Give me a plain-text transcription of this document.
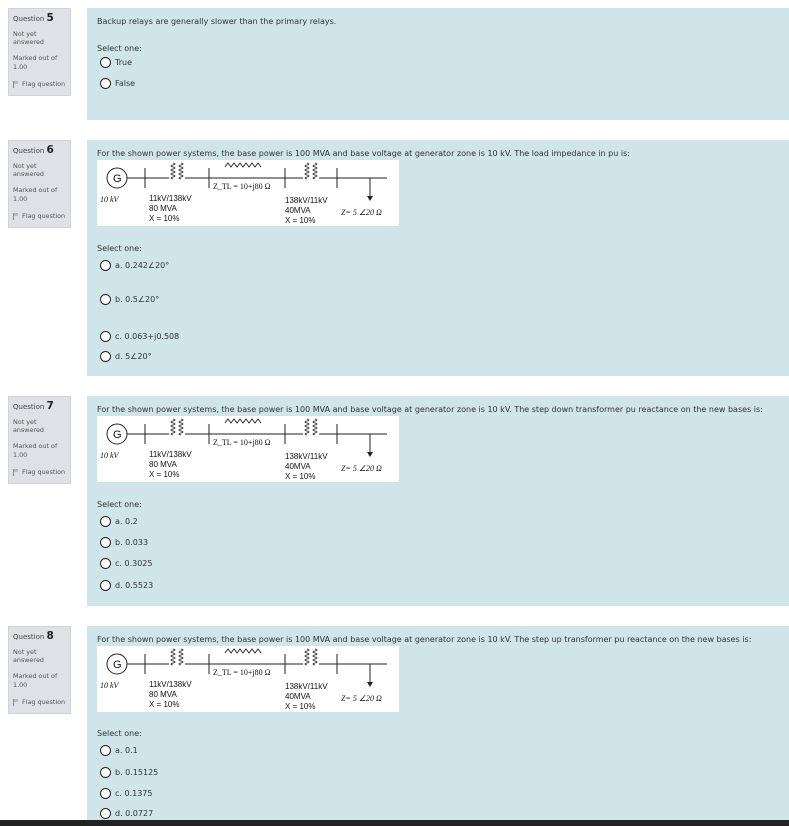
Question 5
Not yet answered
Marked out of 1.00
Flag question
Backup relays are generally slower than the primary relays.
Select one:
True
False
Question 6
Not yet answered
Marked out of 1.00
Flag question
For the shown power systems, the base power is 100 MVA and base voltage at generator zone is 10 kV. The load impedance in pu is:
G
Z_TL = 10+j80 Ω
10 kV	11kV/138kV
80 MVA
X = 10%
138kV/11kV
40MVA
X = 10%
Z= 5 ∠20 Ω
Select one:
a. 0.242∠20°
b. 0.5∠20°
c. 0.063+j0.508
d. 5∠20°
Question 7
Not yet answered
Marked out of 1.00
Flag question
For the shown power systems, the base power is 100 MVA and base voltage at generator zone is 10 kV. The step down transformer pu reactance on the new bases is:
G
Z_TL = 10+j80 Ω
10 kV	11kV/138kV
80 MVA
X = 10%
138kV/11kV
40MVA
X = 10%
Z= 5 ∠20 Ω
Select one:
a. 0.2
b. 0.033
c. 0.3025
d. 0.5523
Question 8
Not yet answered
Marked out of 1.00
Flag question
For the shown power systems, the base power is 100 MVA and base voltage at generator zone is 10 kV. The step up transformer pu reactance on the new bases is:
G
Z_TL = 10+j80 Ω
10 kV	11kV/138kV
80 MVA
X = 10%
138kV/11kV
40MVA
X = 10%
Z= 5 ∠20 Ω
Select one:
a. 0.1
b. 0.15125
c. 0.1375
d. 0.0727
